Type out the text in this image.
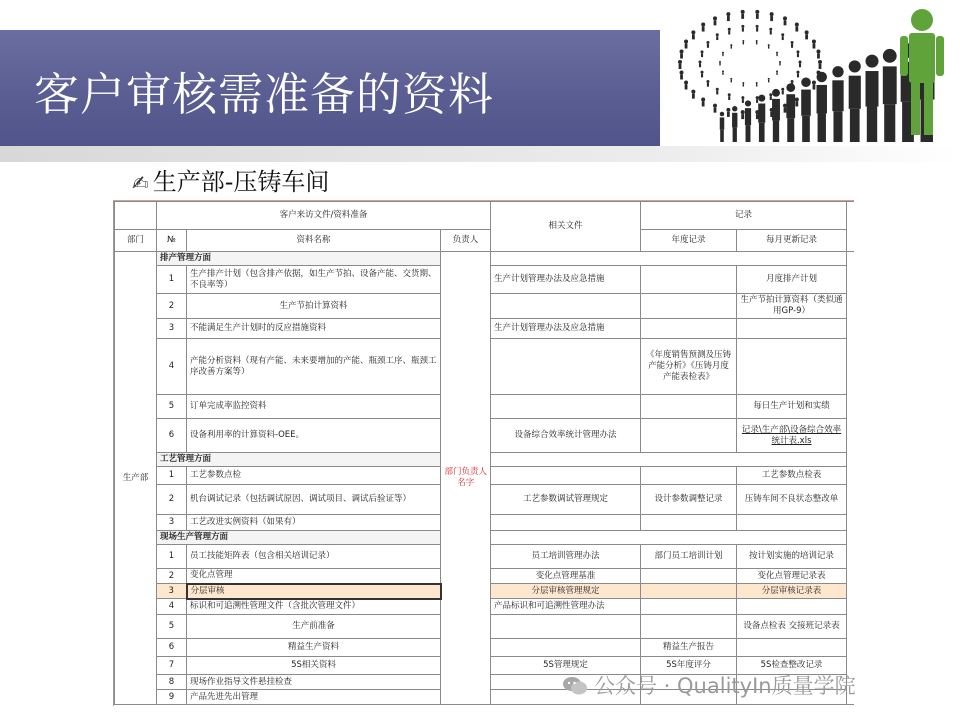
客户审核需准备的资料
✍ 生产部-压铸车间
	客户来访文件/资料准备			相关文件	记录		
部门	№	资料名称	负责人		年度记录	每月更新记录	
生产部	排产管理方面		部门负责人名字				
	1	生产排产计划（包含排产依据，如生产节拍、设备产能、交货期、不良率等）		生产计划管理办法及应急措施		月度排产计划	
	2	生产节拍计算资料				生产节拍计算资料（类似通用GP-9）	
	3	不能满足生产计划时的反应措施资料		生产计划管理办法及应急措施			
	4	产能分析资料（现有产能、未来要增加的产能、瓶颈工序、瓶颈工序改善方案等）			《年度销售预测及压铸产能分析》《压铸月度产能表检表》		
	5	订单完成率监控资料				每日生产计划和实绩	
	6	设备利用率的计算资料-OEE。		设备综合效率统计管理办法		记录\生产部\设备综合效率统计表.xls	
	工艺管理方面						
	1	工艺参数点检				工艺参数点检表	
	2	机台调试记录（包括调试原因、调试项目、调试后验证等）		工艺参数调试管理规定	设计参数调整记录	压铸车间不良状态整改单	
	3	工艺改进实例资料（如果有）					
	现场生产管理方面						
	1	员工技能矩阵表（包含相关培训记录）		员工培训管理办法	部门员工培训计划	按计划实施的培训记录	
	2	变化点管理		变化点管理基准		变化点管理记录表	
	3	分层审核		分层审核管理规定		分层审核记录表	
	4	标识和可追溯性管理文件（含批次管理文件）		产品标识和可追溯性管理办法			
	5	生产前准备				设备点检表 交接班记录表	
	6	精益生产资料			精益生产报告		
	7	5S相关资料		5S管理规定	5S年度评分	5S检查整改记录	
	8	现场作业指导文件悬挂检查					
	9	产品先进先出管理						公众号 · QualityIn质量学院
